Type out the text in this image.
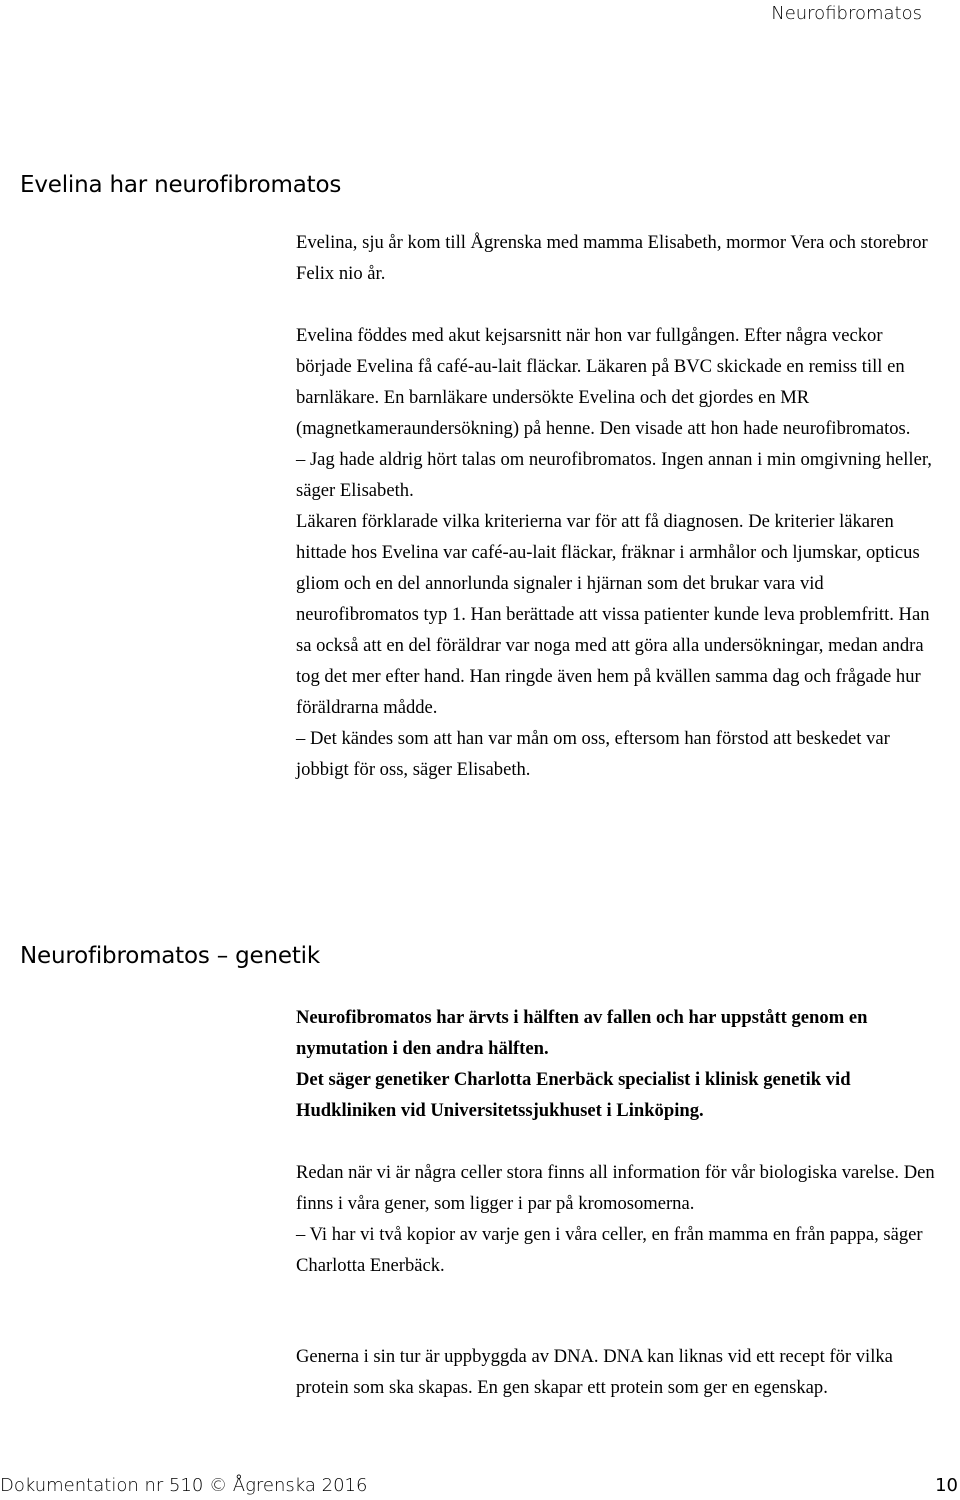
Neurofibromatos
Evelina har neurofibromatos

Evelina, sju år kom till Ågrenska med mamma Elisabeth, mormor Vera och storebror Felix nio år.

Evelina föddes med akut kejsarsnitt när hon var fullgången. Efter några veckor började Evelina få café-au-lait fläckar. Läkaren på BVC skickade en remiss till en barnläkare. En barnläkare undersökte Evelina och det gjordes en MR (magnetkameraundersökning) på henne. Den visade att hon hade neurofibromatos.

– Jag hade aldrig hört talas om neurofibromatos. Ingen annan i min omgivning heller, säger Elisabeth.

Läkaren förklarade vilka kriterierna var för att få diagnosen. De kriterier läkaren hittade hos Evelina var café-au-lait fläckar, fräknar i armhålor och ljumskar, opticus gliom och en del annorlunda signaler i hjärnan som det brukar vara vid neurofibromatos typ 1. Han berättade att vissa patienter kunde leva problemfritt. Han sa också att en del föräldrar var noga med att göra alla undersökningar, medan andra tog det mer efter hand. Han ringde även hem på kvällen samma dag och frågade hur föräldrarna mådde.

– Det kändes som att han var mån om oss, eftersom han förstod att beskedet var jobbigt för oss, säger Elisabeth.

Neurofibromatos – genetik

Neurofibromatos har ärvts i hälften av fallen och har uppstått genom en nymutation i den andra hälften.

Det säger genetiker Charlotta Enerbäck specialist i klinisk genetik vid Hudkliniken vid Universitetssjukhuset i Linköping.

Redan när vi är några celler stora finns all information för vår biologiska varelse. Den finns i våra gener, som ligger i par på kromosomerna.

– Vi har vi två kopior av varje gen i våra celler, en från mamma en från pappa, säger Charlotta Enerbäck.

Generna i sin tur är uppbyggda av DNA. DNA kan liknas vid ett recept för vilka protein som ska skapas. En gen skapar ett protein som ger en egenskap.

Dokumentation nr 510 © Ågrenska 2016	10
